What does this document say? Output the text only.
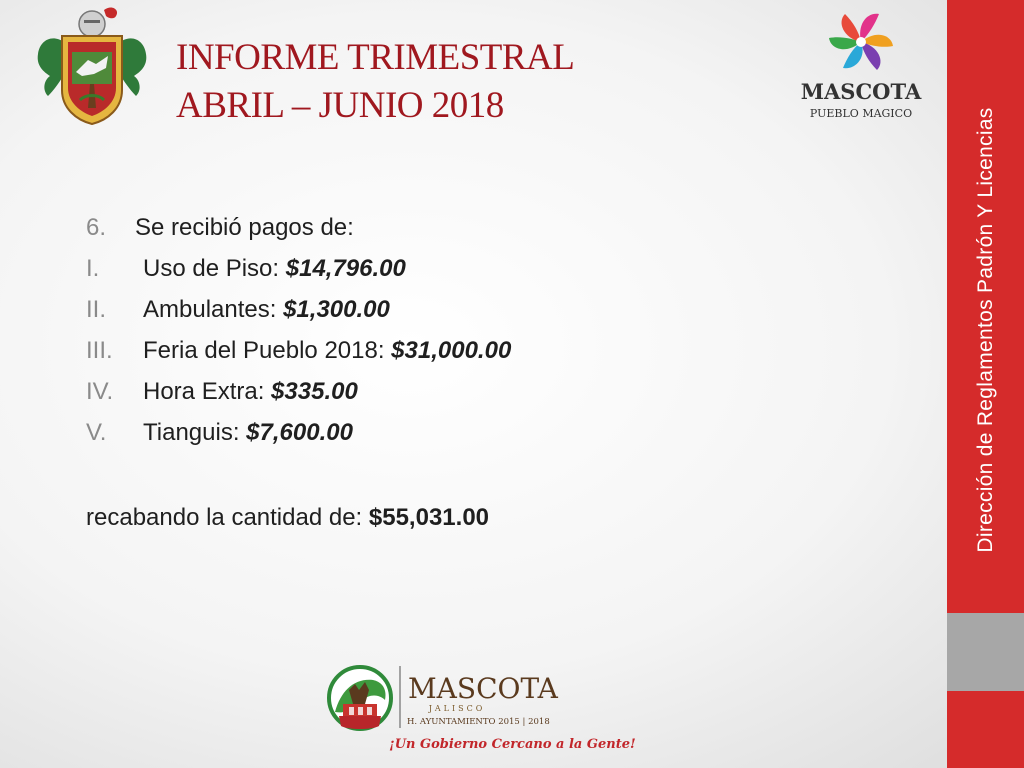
INFORME TRIMESTRAL
ABRIL – JUNIO 2018	MASCOTA
PUEBLO MAGICO	Dirección de Reglamentos Padrón Y Licencias
6. Se recibió pagos de:
I. Uso de Piso: $14,796.00
II. Ambulantes: $1,300.00
III. Feria del Pueblo 2018: $31,000.00
IV. Hora Extra: $335.00
V. Tianguis: $7,600.00
recabando la cantidad de: $55,031.00
MASCOTA
JALISCO
H. AYUNTAMIENTO 2015 | 2018
¡Un Gobierno Cercano a la Gente!
